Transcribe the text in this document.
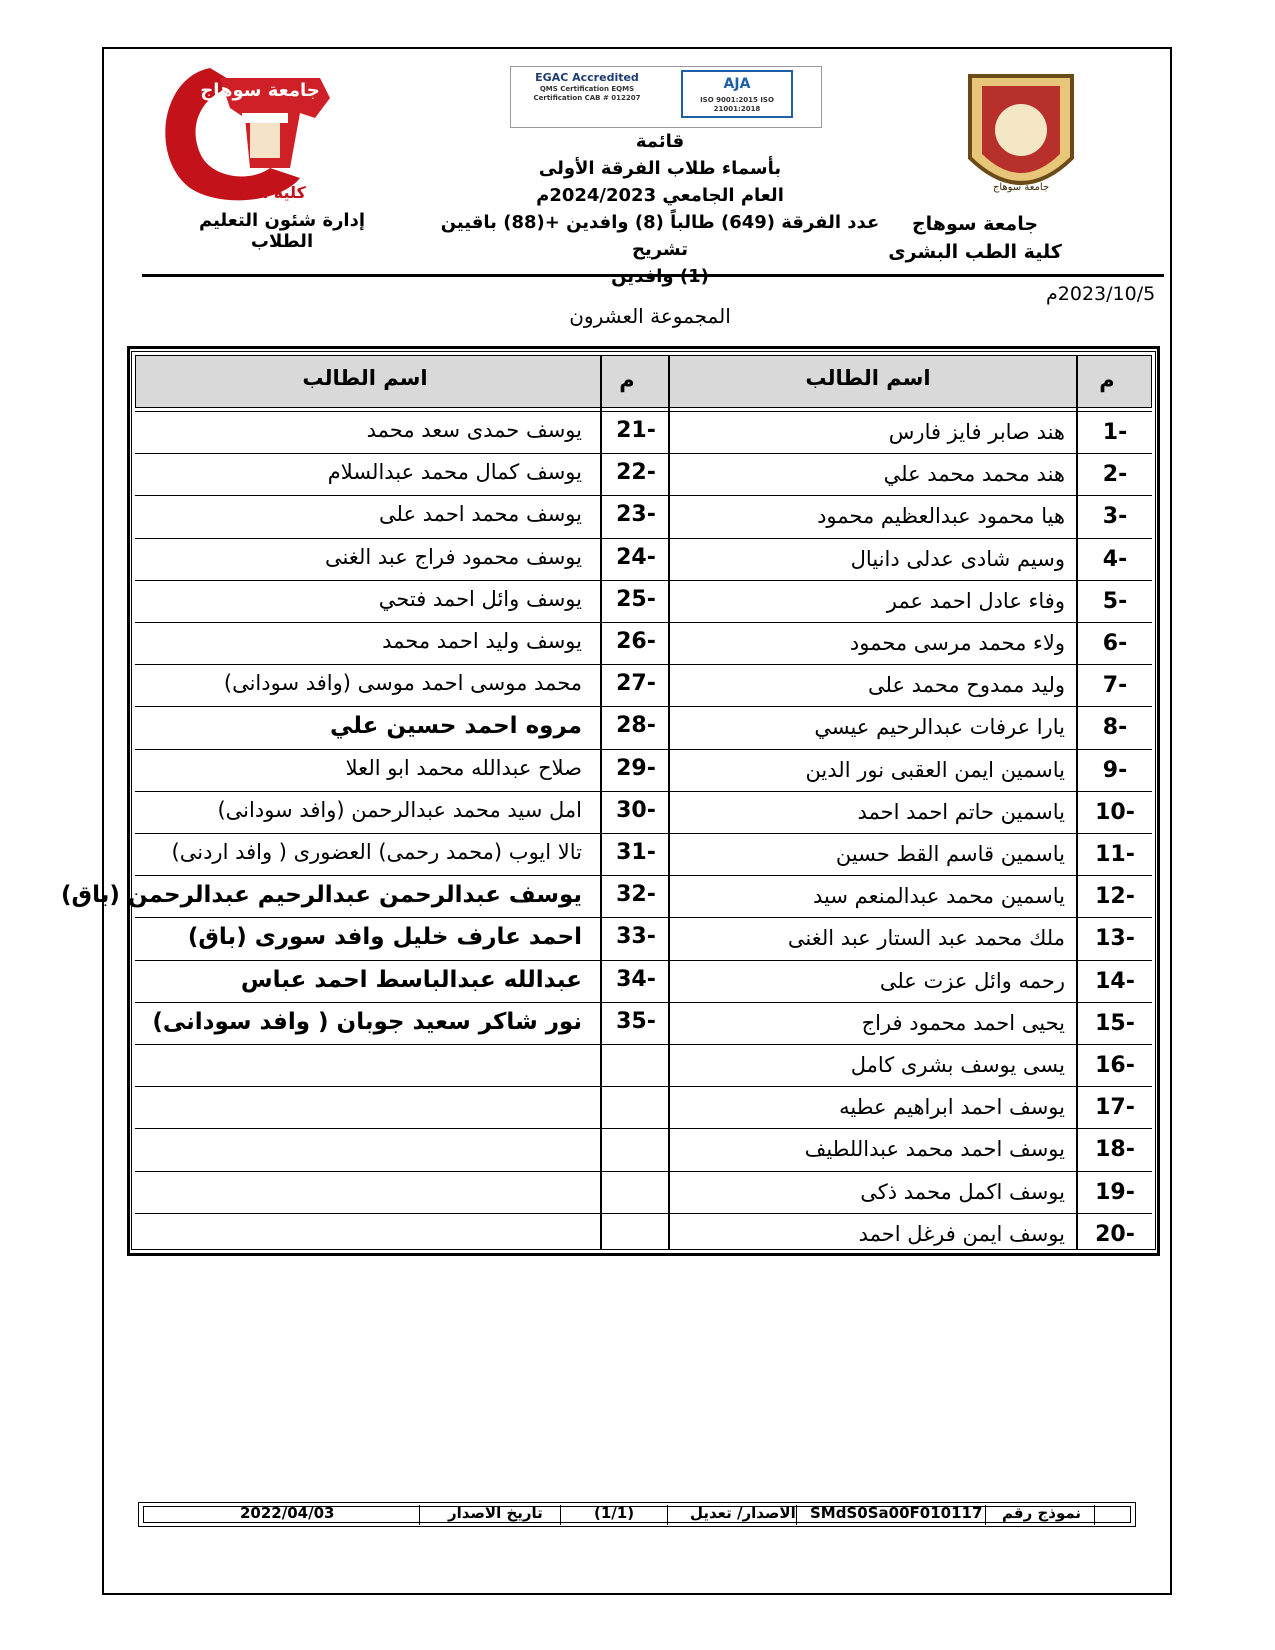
جامعة سوهاج
كلية الطب
EGAC Accredited
QMS Certification EQMS Certification CAB # 012207
AJA
ISO 9001:2015 ISO 21001:2018
جامعة سوهاج
جامعة سوهاج
كلية الطب البشرى
إدارة شئون التعليم الطلاب
قائمة
بأسماء طلاب الفرقة الأولى
العام الجامعي 2024/2023م
عدد الفرقة (649) طالباً (8) وافدين +(88) باقيين تشريح
2023/10/5م
المجموعة العشرون
م
اسم الطالب
م
اسم الطالب
1-
هند صابر فايز فارس
2-
هند محمد محمد علي
3-
هيا محمود عبدالعظيم محمود
4-
وسيم شادى عدلى دانيال
5-
وفاء عادل احمد عمر
6-
ولاء محمد مرسى محمود
7-
وليد ممدوح محمد على
8-
يارا عرفات عبدالرحيم عيسي
9-
ياسمين ايمن العقبى نور الدين
10-
ياسمين حاتم احمد احمد
11-
ياسمين قاسم القط حسين
12-
ياسمين محمد عبدالمنعم سيد
13-
ملك محمد عبد الستار عبد الغنى
14-
رحمه وائل عزت على
15-
يحيى احمد محمود فراج
16-
يسى يوسف بشرى كامل
17-
يوسف احمد ابراهيم عطيه
18-
يوسف احمد محمد عبداللطيف
19-
يوسف اكمل محمد ذكى
20-
يوسف ايمن فرغل احمد
21-
يوسف حمدى سعد محمد
22-
يوسف كمال محمد عبدالسلام
23-
يوسف محمد احمد على
24-
يوسف محمود فراج عبد الغنى
25-
يوسف وائل احمد فتحي
26-
يوسف وليد احمد محمد
27-
محمد موسى احمد موسى (وافد سودانى)
28-
مروه احمد حسين علي
29-
صلاح عبدالله محمد ابو العلا
30-
امل سيد محمد عبدالرحمن (وافد سودانى)
31-
تالا ايوب (محمد رحمى) العضورى ( وافد اردنى)
32-
يوسف عبدالرحمن عبدالرحيم عبدالرحمن (باق)
33-
احمد عارف خليل وافد سورى (باق)
34-
عبدالله عبدالباسط احمد عباس
35-
نور شاكر سعيد جوبان ( وافد سودانى)
نموذج رقم
SMdS0Sa00F010117
الاصدار/ تعديل
(1/1)
تاريخ الاصدار
2022/04/03
